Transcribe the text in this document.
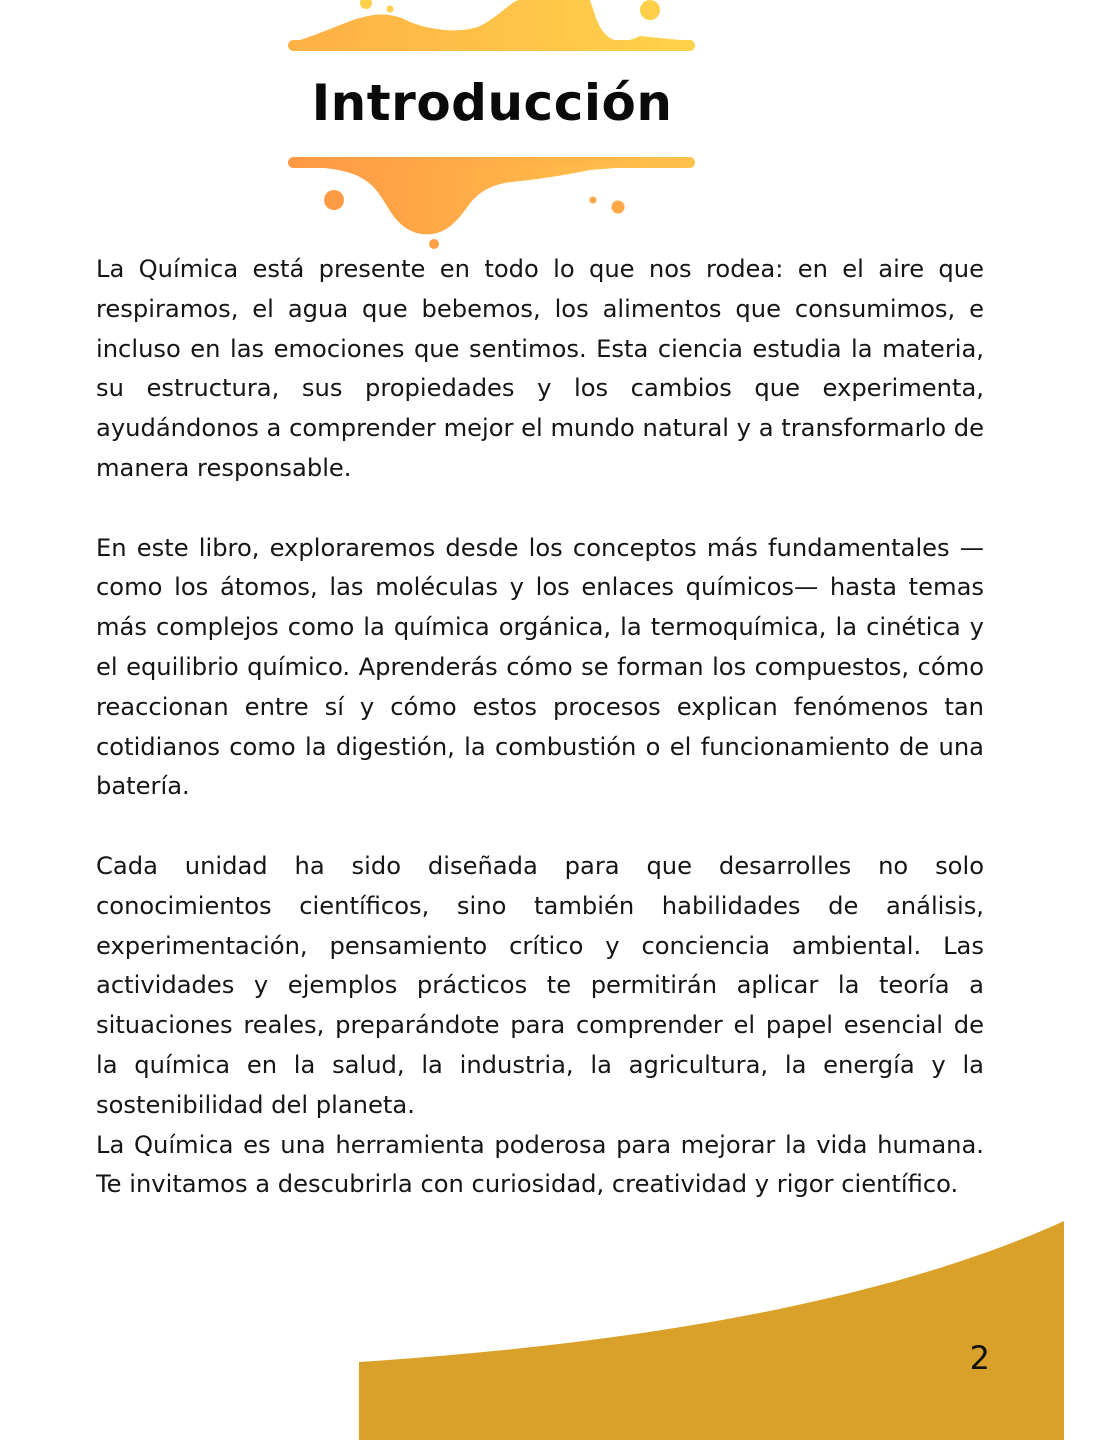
Introducción

La Química está presente en todo lo que nos rodea: en el aire que respiramos, el agua que bebemos, los alimentos que consumimos, e incluso en las emociones que sentimos. Esta ciencia estudia la materia, su estructura, sus propiedades y los cambios que experimenta, ayudándonos a comprender mejor el mundo natural y a transformarlo de manera responsable.

En este libro, exploraremos desde los conceptos más fundamentales —como los átomos, las moléculas y los enlaces químicos— hasta temas más complejos como la química orgánica, la termoquímica, la cinética y el equilibrio químico. Aprenderás cómo se forman los compuestos, cómo reaccionan entre sí y cómo estos procesos explican fenómenos tan cotidianos como la digestión, la combustión o el funcionamiento de una batería.

Cada unidad ha sido diseñada para que desarrolles no solo conocimientos científicos, sino también habilidades de análisis, experimentación, pensamiento crítico y conciencia ambiental. Las actividades y ejemplos prácticos te permitirán aplicar la teoría a situaciones reales, preparándote para comprender el papel esencial de la química en la salud, la industria, la agricultura, la energía y la sostenibilidad del planeta.

La Química es una herramienta poderosa para mejorar la vida humana. Te invitamos a descubrirla con curiosidad, creatividad y rigor científico.

2
